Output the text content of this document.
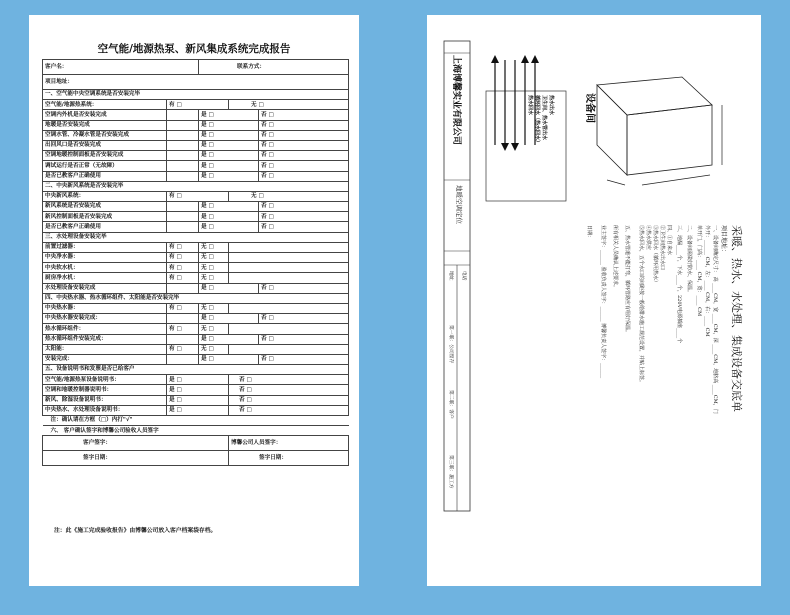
空气能/地源热泵、新风集成系统完成报告
客户名：		联系方式：		
项目地址：				
一、空气能中央空调系统是否安装完毕				
空气能/地源热系统：	有 □		无 □	
空调内外机是否安装完成		是 □		否 □
地暖是否安装完成		是 □		否 □
空调水管、冷凝水管是否安装完成		是 □		否 □
出回风口是否安装完成		是 □		否 □
空调地暖控制面板是否安装完成		是 □		否 □
调试运行是否正常（无故障）		是 □		否 □
是否已教客户正确使用		是 □		否 □
二、中央新风系统是否安装完毕				
中央新风系统：	有 □		无 □	
新风系统是否安装完成		是 □		否 □
新风控制面板是否安装完成		是 □		否 □
是否已教客户正确使用		是 □		否 □
三、水处理设备安装完毕				
前置过滤器：	有 □	无 □		
中央净水器：	有 □	无 □		
中央软水机：	有 □	无 □		
厨房净水机：	有 □	无 □		
水处理设备安装完成		是 □		否 □
四、中央热水器、热水循环组件、太阳能是否安装完毕				
中央热水器：	有 □	无 □		
中央热水器安装完成：		是 □		否 □
热水循环组件：	有 □	无 □		
热水循环组件安装完成：		是 □		否 □
太阳能：	有 □	无 □		
安装完成：		是 □		否 □
五、设备说明书和发票是否已给客户				
空气能/地源热泵设备说明书：	是 □		否 □	
空调和地暖控制器说明书：	是 □		否 □	
新风、除湿设备说明书：	是 □		否 □	
中央热水、水处理设备说明书：	是 □		否 □	
注：确认请在方框（□）内打"√"				
六、 客户确认签字和博馨公司验收人员签字				
客户签字：			博馨公司人员签字：	
签字日期：			签字日期：	
注：此《施工完成验收报告》由博馨公司放入客户档案袋存档。
上海博馨实业有限公司
地暖空调定位
电话
地址
第一联：公司留存
第二联：客户
第三联：施工方
热水出水
卫生间、热水管出水
循环回水（热水回水）
热水回水	设备间
采暖、热水、水处理、集成设备交底单
项目地址：
一、设备间确定尺寸： 高 ____CM，宽 ____CM，深 ____CM，地脐高 ____CM，门
外开：______ CM，左：____ CM，右：____ CM
单开门，门高：____ CM，宽：____ CM
二、设备间需做好防水、保温。
三、地漏____个，下水____个，220V电源插座____个
四、①自来水
②卫生间热水出水口
③热水回水（循环用热水）
④热水供应
⑤热水回水，五个水口的间距按一般给排水施工规范设置，并贴上标签。
五、热水管道不能打弯，循环管路应有组好保温。
所有相关人员确认上述要求。
业主签字：______ 验收负责人签字：______ 博馨负责人签字：______
日期：
